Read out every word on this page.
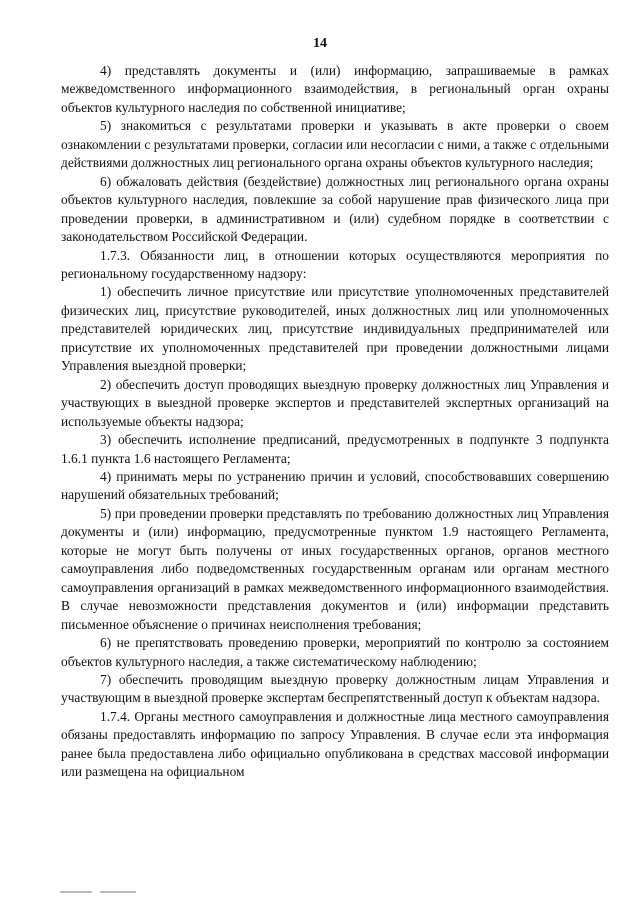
14

4) представлять документы и (или) информацию, запрашиваемые в рамках межведомственного информационного взаимодействия, в региональный орган охраны объектов культурного наследия по собственной инициативе;

5) знакомиться с результатами проверки и указывать в акте проверки о своем ознакомлении с результатами проверки, согласии или несогласии с ними, а также с отдельными действиями должностных лиц регионального органа охраны объектов культурного наследия;

6) обжаловать действия (бездействие) должностных лиц регионального органа охраны объектов культурного наследия, повлекшие за собой нарушение прав физического лица при проведении проверки, в административном и (или) судебном порядке в соответствии с законодательством Российской Федерации.

1.7.3. Обязанности лиц, в отношении которых осуществляются мероприятия по региональному государственному надзору:

1) обеспечить личное присутствие или присутствие уполномоченных представителей физических лиц, присутствие руководителей, иных должностных лиц или уполномоченных представителей юридических лиц, присутствие индивидуальных предпринимателей или присутствие их уполномоченных представителей при проведении должностными лицами Управления выездной проверки;

2) обеспечить доступ проводящих выездную проверку должностных лиц Управления и участвующих в выездной проверке экспертов и представителей экспертных организаций на используемые объекты надзора;

3) обеспечить исполнение предписаний, предусмотренных в подпункте 3 подпункта 1.6.1 пункта 1.6 настоящего Регламента;

4) принимать меры по устранению причин и условий, способствовавших совершению нарушений обязательных требований;

5) при проведении проверки представлять по требованию должностных лиц Управления документы и (или) информацию, предусмотренные пунктом 1.9 настоящего Регламента, которые не могут быть получены от иных государственных органов, органов местного самоуправления либо подведомственных государственным органам или органам местного самоуправления организаций в рамках межведомственного информационного взаимодействия. В случае невозможности представления документов и (или) информации представить письменное объяснение о причинах неисполнения требования;

6) не препятствовать проведению проверки, мероприятий по контролю за состоянием объектов культурного наследия, а также систематическому наблюдению;

7) обеспечить проводящим выездную проверку должностным лицам Управления и участвующим в выездной проверке экспертам беспрепятственный доступ к объектам надзора.

1.7.4. Органы местного самоуправления и должностные лица местного самоуправления обязаны предоставлять информацию по запросу Управления. В случае если эта информация ранее была предоставлена либо официально опубликована в средствах массовой информации или размещена на официальном
